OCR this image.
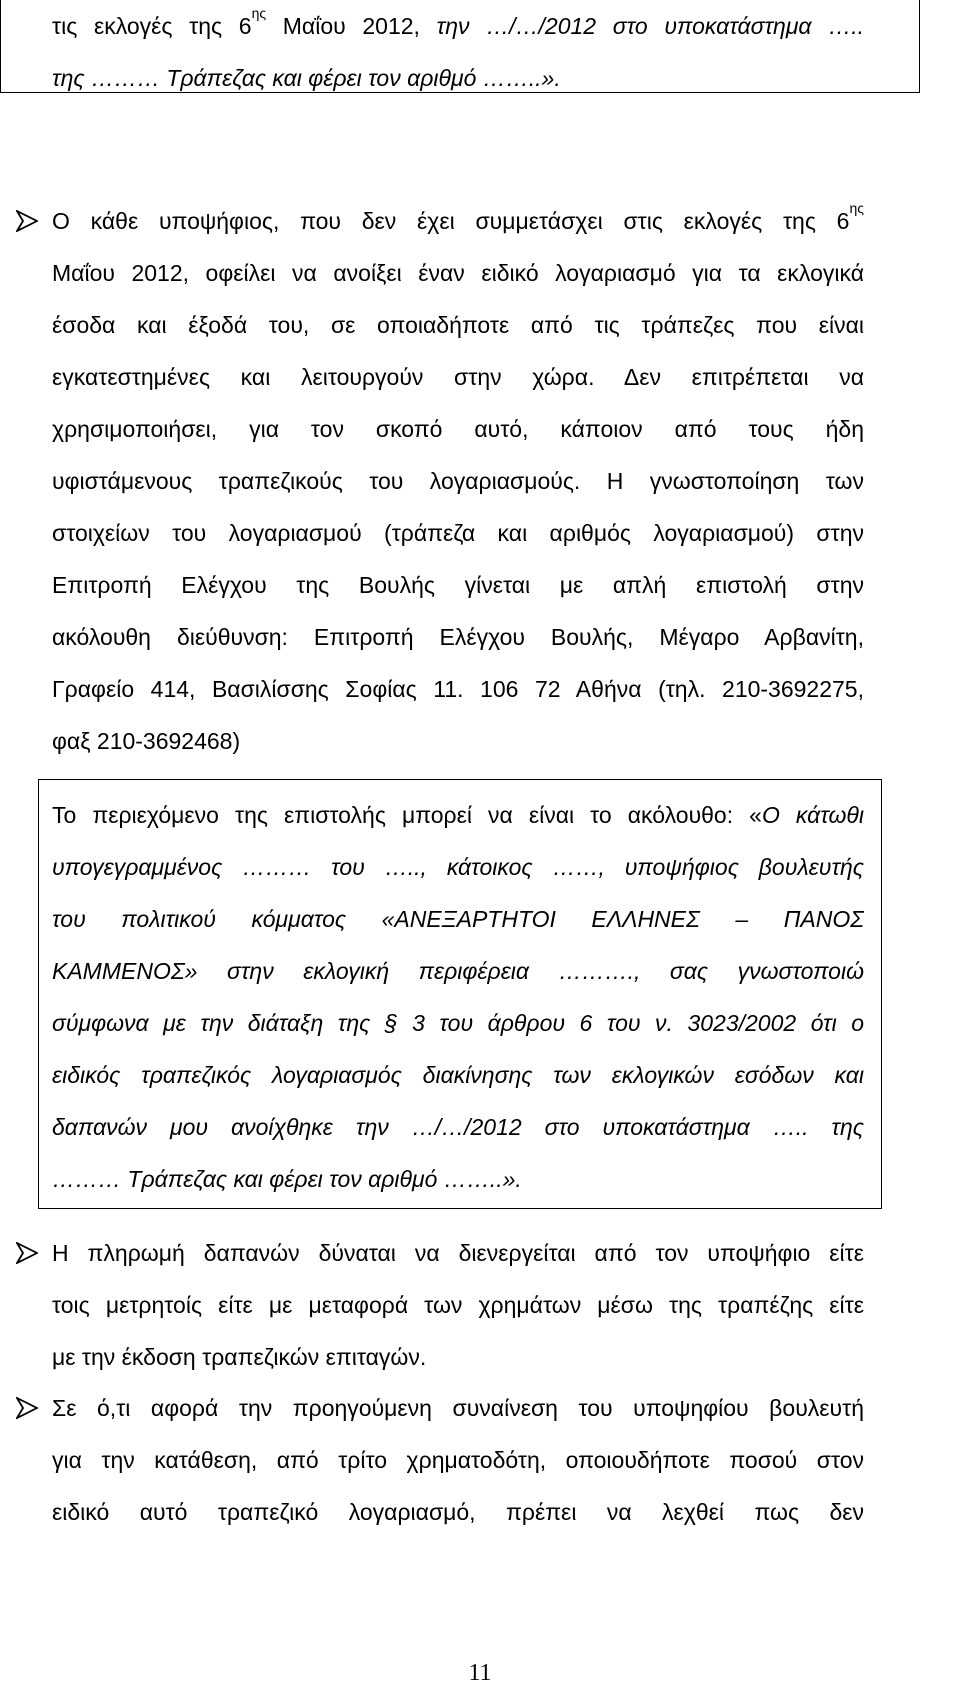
τις εκλογές της $6^{\eta\varsigma}$ Μαΐου 2012, την …/…/2012 στο υποκατάστημα …..
της ……… Τράπεζας και φέρει τον αριθμό ……..».
Ο κάθε υποψήφιος, που δεν έχει συμμετάσχει στις εκλογές της $6^{\eta\varsigma}$
Μαΐου 2012, οφείλει να ανοίξει έναν ειδικό λογαριασμό για τα εκλογικά
έσοδα και έξοδά του, σε οποιαδήποτε από τις τράπεζες που είναι
εγκατεστημένες και λειτουργούν στην χώρα. Δεν επιτρέπεται να
χρησιμοποιήσει, για τον σκοπό αυτό, κάποιον από τους ήδη
υφιστάμενους τραπεζικούς του λογαριασμούς. Η γνωστοποίηση των
στοιχείων του λογαριασμού (τράπεζα και αριθμός λογαριασμού) στην
Επιτροπή Ελέγχου της Βουλής γίνεται με απλή επιστολή στην
ακόλουθη διεύθυνση: Επιτροπή Ελέγχου Βουλής, Μέγαρο Αρβανίτη,
Γραφείο 414, Βασιλίσσης Σοφίας 11. 106 72 Αθήνα (τηλ. 210-3692275,
φαξ 210-3692468)
Το περιεχόμενο της επιστολής μπορεί να είναι το ακόλουθο: «Ο κάτωθι
υπογεγραμμένος ……… του ….., κάτοικος ……, υποψήφιος βουλευτής
του πολιτικού κόμματος «ΑΝΕΞΑΡΤΗΤΟΙ ΕΛΛΗΝΕΣ – ΠΑΝΟΣ
ΚΑΜΜΕΝΟΣ» στην εκλογική περιφέρεια ………., σας γνωστοποιώ
σύμφωνα με την διάταξη της § 3 του άρθρου 6 του ν. 3023/2002 ότι ο
ειδικός τραπεζικός λογαριασμός διακίνησης των εκλογικών εσόδων και
δαπανών μου ανοίχθηκε την …/…/2012 στο υποκατάστημα ….. της
……… Τράπεζας και φέρει τον αριθμό ……..».
Η πληρωμή δαπανών δύναται να διενεργείται από τον υποψήφιο είτε
τοις μετρητοίς είτε με μεταφορά των χρημάτων μέσω της τραπέζης είτε
με την έκδοση τραπεζικών επιταγών.
Σε ό,τι αφορά την προηγούμενη συναίνεση του υποψηφίου βουλευτή
για την κατάθεση, από τρίτο χρηματοδότη, οποιουδήποτε ποσού στον
ειδικό αυτό τραπεζικό λογαριασμό, πρέπει να λεχθεί πως δεν
11
